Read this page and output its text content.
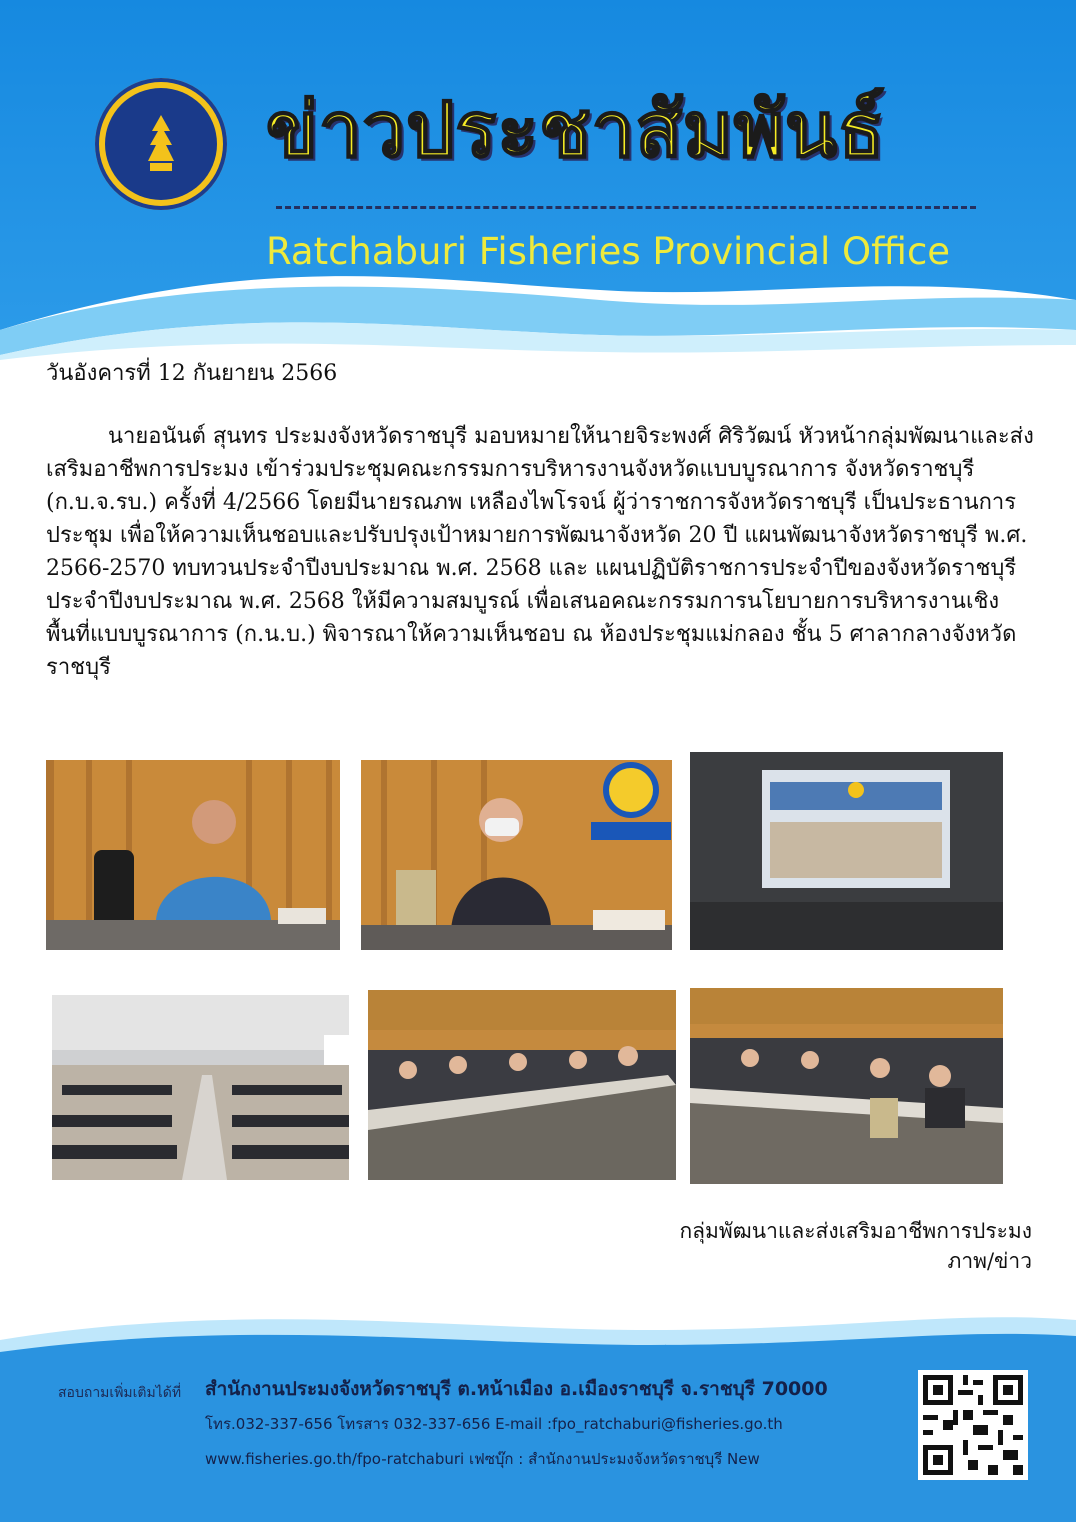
ข่าวประชาสัมพันธ์
Ratchaburi Fisheries Provincial Office
วันอังคารที่ 12 กันยายน 2566

นายอนันต์ สุนทร ประมงจังหวัดราชบุรี มอบหมายให้นายจิระพงศ์ ศิริวัฒน์ หัวหน้ากลุ่มพัฒนาและส่งเสริมอาชีพการประมง เข้าร่วมประชุมคณะกรรมการบริหารงานจังหวัดแบบบูรณาการ จังหวัดราชบุรี (ก.บ.จ.รบ.) ครั้งที่ 4/2566 โดยมีนายรณภพ เหลืองไพโรจน์ ผู้ว่าราชการจังหวัดราชบุรี เป็นประธานการประชุม เพื่อให้ความเห็นชอบและปรับปรุงเป้าหมายการพัฒนาจังหวัด 20 ปี แผนพัฒนาจังหวัดราชบุรี พ.ศ. 2566-2570 ทบทวนประจำปีงบประมาณ พ.ศ. 2568 และ แผนปฏิบัติราชการประจำปีของจังหวัดราชบุรี ประจำปีงบประมาณ พ.ศ. 2568 ให้มีความสมบูรณ์ เพื่อเสนอคณะกรรมการนโยบายการบริหารงานเชิงพื้นที่แบบบูรณาการ (ก.น.บ.) พิจารณาให้ความเห็นชอบ ณ ห้องประชุมแม่กลอง ชั้น 5 ศาลากลางจังหวัดราชบุรี

กลุ่มพัฒนาและส่งเสริมอาชีพการประมง
ภาพ/ข่าว
สอบถามเพิ่มเติมได้ที่ สำนักงานประมงจังหวัดราชบุรี ต.หน้าเมือง อ.เมืองราชบุรี จ.ราชบุรี 70000
โทร.032-337-656 โทรสาร 032-337-656 E-mail :fpo_ratchaburi@fisheries.go.th
www.fisheries.go.th/fpo-ratchaburi เฟซบุ๊ก : สำนักงานประมงจังหวัดราชบุรี New
